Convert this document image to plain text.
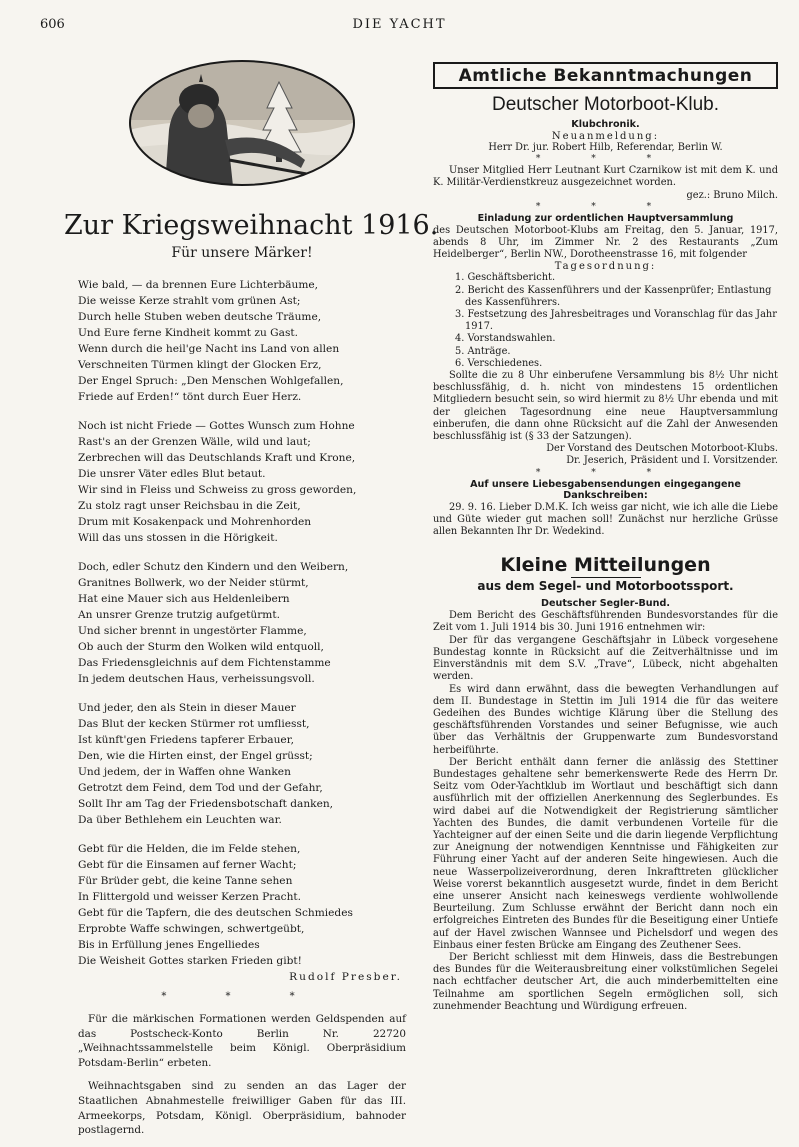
606	DIE YACHT
Zur Kriegsweihnacht 1916.
Für unsere Märker!
Wie bald, — da brennen Eure Lichterbäume,
Die weisse Kerze strahlt vom grünen Ast;
Durch helle Stuben weben deutsche Träume,
Und Eure ferne Kindheit kommt zu Gast.
Wenn durch die heil'ge Nacht ins Land von allen
Verschneiten Türmen klingt der Glocken Erz,
Der Engel Spruch: „Den Menschen Wohlgefallen,
Friede auf Erden!“ tönt durch Euer Herz.
Noch ist nicht Friede — Gottes Wunsch zum Hohne
Rast's an der Grenzen Wälle, wild und laut;
Zerbrechen will das Deutschlands Kraft und Krone,
Die unsrer Väter edles Blut betaut.
Wir sind in Fleiss und Schweiss zu gross geworden,
Zu stolz ragt unser Reichsbau in die Zeit,
Drum mit Kosakenpack und Mohrenhorden
Will das uns stossen in die Hörigkeit.
Doch, edler Schutz den Kindern und den Weibern,
Granitnes Bollwerk, wo der Neider stürmt,
Hat eine Mauer sich aus Heldenleibern
An unsrer Grenze trutzig aufgetürmt.
Und sicher brennt in ungestörter Flamme,
Ob auch der Sturm den Wolken wild entquoll,
Das Friedensgleichnis auf dem Fichtenstamme
In jedem deutschen Haus, verheissungsvoll.
Und jeder, den als Stein in dieser Mauer
Das Blut der kecken Stürmer rot umfliesst,
Ist künft'gen Friedens tapferer Erbauer,
Den, wie die Hirten einst, der Engel grüsst;
Und jedem, der in Waffen ohne Wanken
Getrotzt dem Feind, dem Tod und der Gefahr,
Sollt Ihr am Tag der Friedensbotschaft danken,
Da über Bethlehem ein Leuchten war.
Gebt für die Helden, die im Felde stehen,
Gebt für die Einsamen auf ferner Wacht;
Für Brüder gebt, die keine Tanne sehen
In Flittergold und weisser Kerzen Pracht.
Gebt für die Tapfern, die des deutschen Schmiedes
Erprobte Waffe schwingen, schwertgeübt,
Bis in Erfüllung jenes Engelliedes
Die Weisheit Gottes starken Frieden gibt!
Rudolf Presber.
* * *

Für die märkischen Formationen werden Geldspenden auf das Postscheck-Konto Berlin Nr. 22720 „Weihnachtssammelstelle beim Königl. Oberpräsidium Potsdam-Berlin“ erbeten.

Weihnachtsgaben sind zu senden an das Lager der Staatlichen Abnahmestelle freiwilliger Gaben für das III. Armeekorps, Potsdam, Königl. Oberpräsidium, bahnoder postlagernd.

Amtliche Bekanntmachungen
Deutscher Motorboot-Klub.
Klubchronik.
Neuanmeldung:

Herr Dr. jur. Robert Hilb, Referendar, Berlin W.

* * *

Unser Mitglied Herr Leutnant Kurt Czarnikow ist mit dem K. und K. Militär-Verdienstkreuz ausgezeichnet worden.

gez.: Bruno Milch.

* * *
Einladung zur ordentlichen Hauptversammlung

des Deutschen Motorboot-Klubs am Freitag, den 5. Januar, 1917, abends 8 Uhr, im Zimmer Nr. 2 des Restaurants „Zum Heidelberger“, Berlin NW., Dorotheenstrasse 16, mit folgender

Tagesordnung:
1. Geschäftsbericht.
2. Bericht des Kassenführers und der Kassenprüfer; Entlastung des Kassenführers.
3. Festsetzung des Jahresbeitrages und Voranschlag für das Jahr 1917.
4. Vorstandswahlen.
5. Anträge.
6. Verschiedenes.

Sollte die zu 8 Uhr einberufene Versammlung bis 8½ Uhr nicht beschlussfähig, d. h. nicht von mindestens 15 ordentlichen Mitgliedern besucht sein, so wird hiermit zu 8½ Uhr ebenda und mit der gleichen Tagesordnung eine neue Hauptversammlung einberufen, die dann ohne Rücksicht auf die Zahl der Anwesenden beschlussfähig ist (§ 33 der Satzungen).

Der Vorstand des Deutschen Motorboot-Klubs.

Dr. Jeserich, Präsident und I. Vorsitzender.

* * *
Auf unsere Liebesgabensendungen eingegangene Dankschreiben:

29. 9. 16. Lieber D.M.K. Ich weiss gar nicht, wie ich alle die Liebe und Güte wieder gut machen soll! Zunächst nur herzliche Grüsse allen Bekannten Ihr Dr. Wedekind.

Kleine Mitteilungen
aus dem Segel- und Motorbootssport.
Deutscher Segler-Bund.

Dem Bericht des Geschäftsführenden Bundesvorstandes für die Zeit vom 1. Juli 1914 bis 30. Juni 1916 entnehmen wir:

Der für das vergangene Geschäftsjahr in Lübeck vorgesehene Bundestag konnte in Rücksicht auf die Zeitverhältnisse und im Einverständnis mit dem S.V. „Trave“, Lübeck, nicht abgehalten werden.

Es wird dann erwähnt, dass die bewegten Verhandlungen auf dem II. Bundestage in Stettin im Juli 1914 die für das weitere Gedeihen des Bundes wichtige Klärung über die Stellung des geschäftsführenden Vorstandes und seiner Befugnisse, wie auch über das Verhältnis der Gruppenwarte zum Bundesvorstand herbeiführte.

Der Bericht enthält dann ferner die anlässig des Stettiner Bundestages gehaltene sehr bemerkenswerte Rede des Herrn Dr. Seitz vom Oder-Yachtklub im Wortlaut und beschäftigt sich dann ausführlich mit der offiziellen Anerkennung des Seglerbundes. Es wird dabei auf die Notwendigkeit der Registrierung sämtlicher Yachten des Bundes, die damit verbundenen Vorteile für die Yachteigner auf der einen Seite und die darin liegende Verpflichtung zur Aneignung der notwendigen Kenntnisse und Fähigkeiten zur Führung einer Yacht auf der anderen Seite hingewiesen. Auch die neue Wasserpolizeiverordnung, deren Inkrafttreten glücklicher Weise vorerst bekanntlich ausgesetzt wurde, findet in dem Bericht eine unserer Ansicht nach keineswegs verdiente wohlwollende Beurteilung. Zum Schlusse erwähnt der Bericht dann noch ein erfolgreiches Eintreten des Bundes für die Beseitigung einer Untiefe auf der Havel zwischen Wannsee und Pichelsdorf und wegen des Einbaus einer festen Brücke am Eingang des Zeuthener Sees.

Der Bericht schliesst mit dem Hinweis, dass die Bestrebungen des Bundes für die Weiterausbreitung einer volkstümlichen Segelei nach echtfacher deutscher Art, die auch minderbemittelten eine Teilnahme am sportlichen Segeln ermöglichen soll, sich zunehmender Beachtung und Würdigung erfreuen.
